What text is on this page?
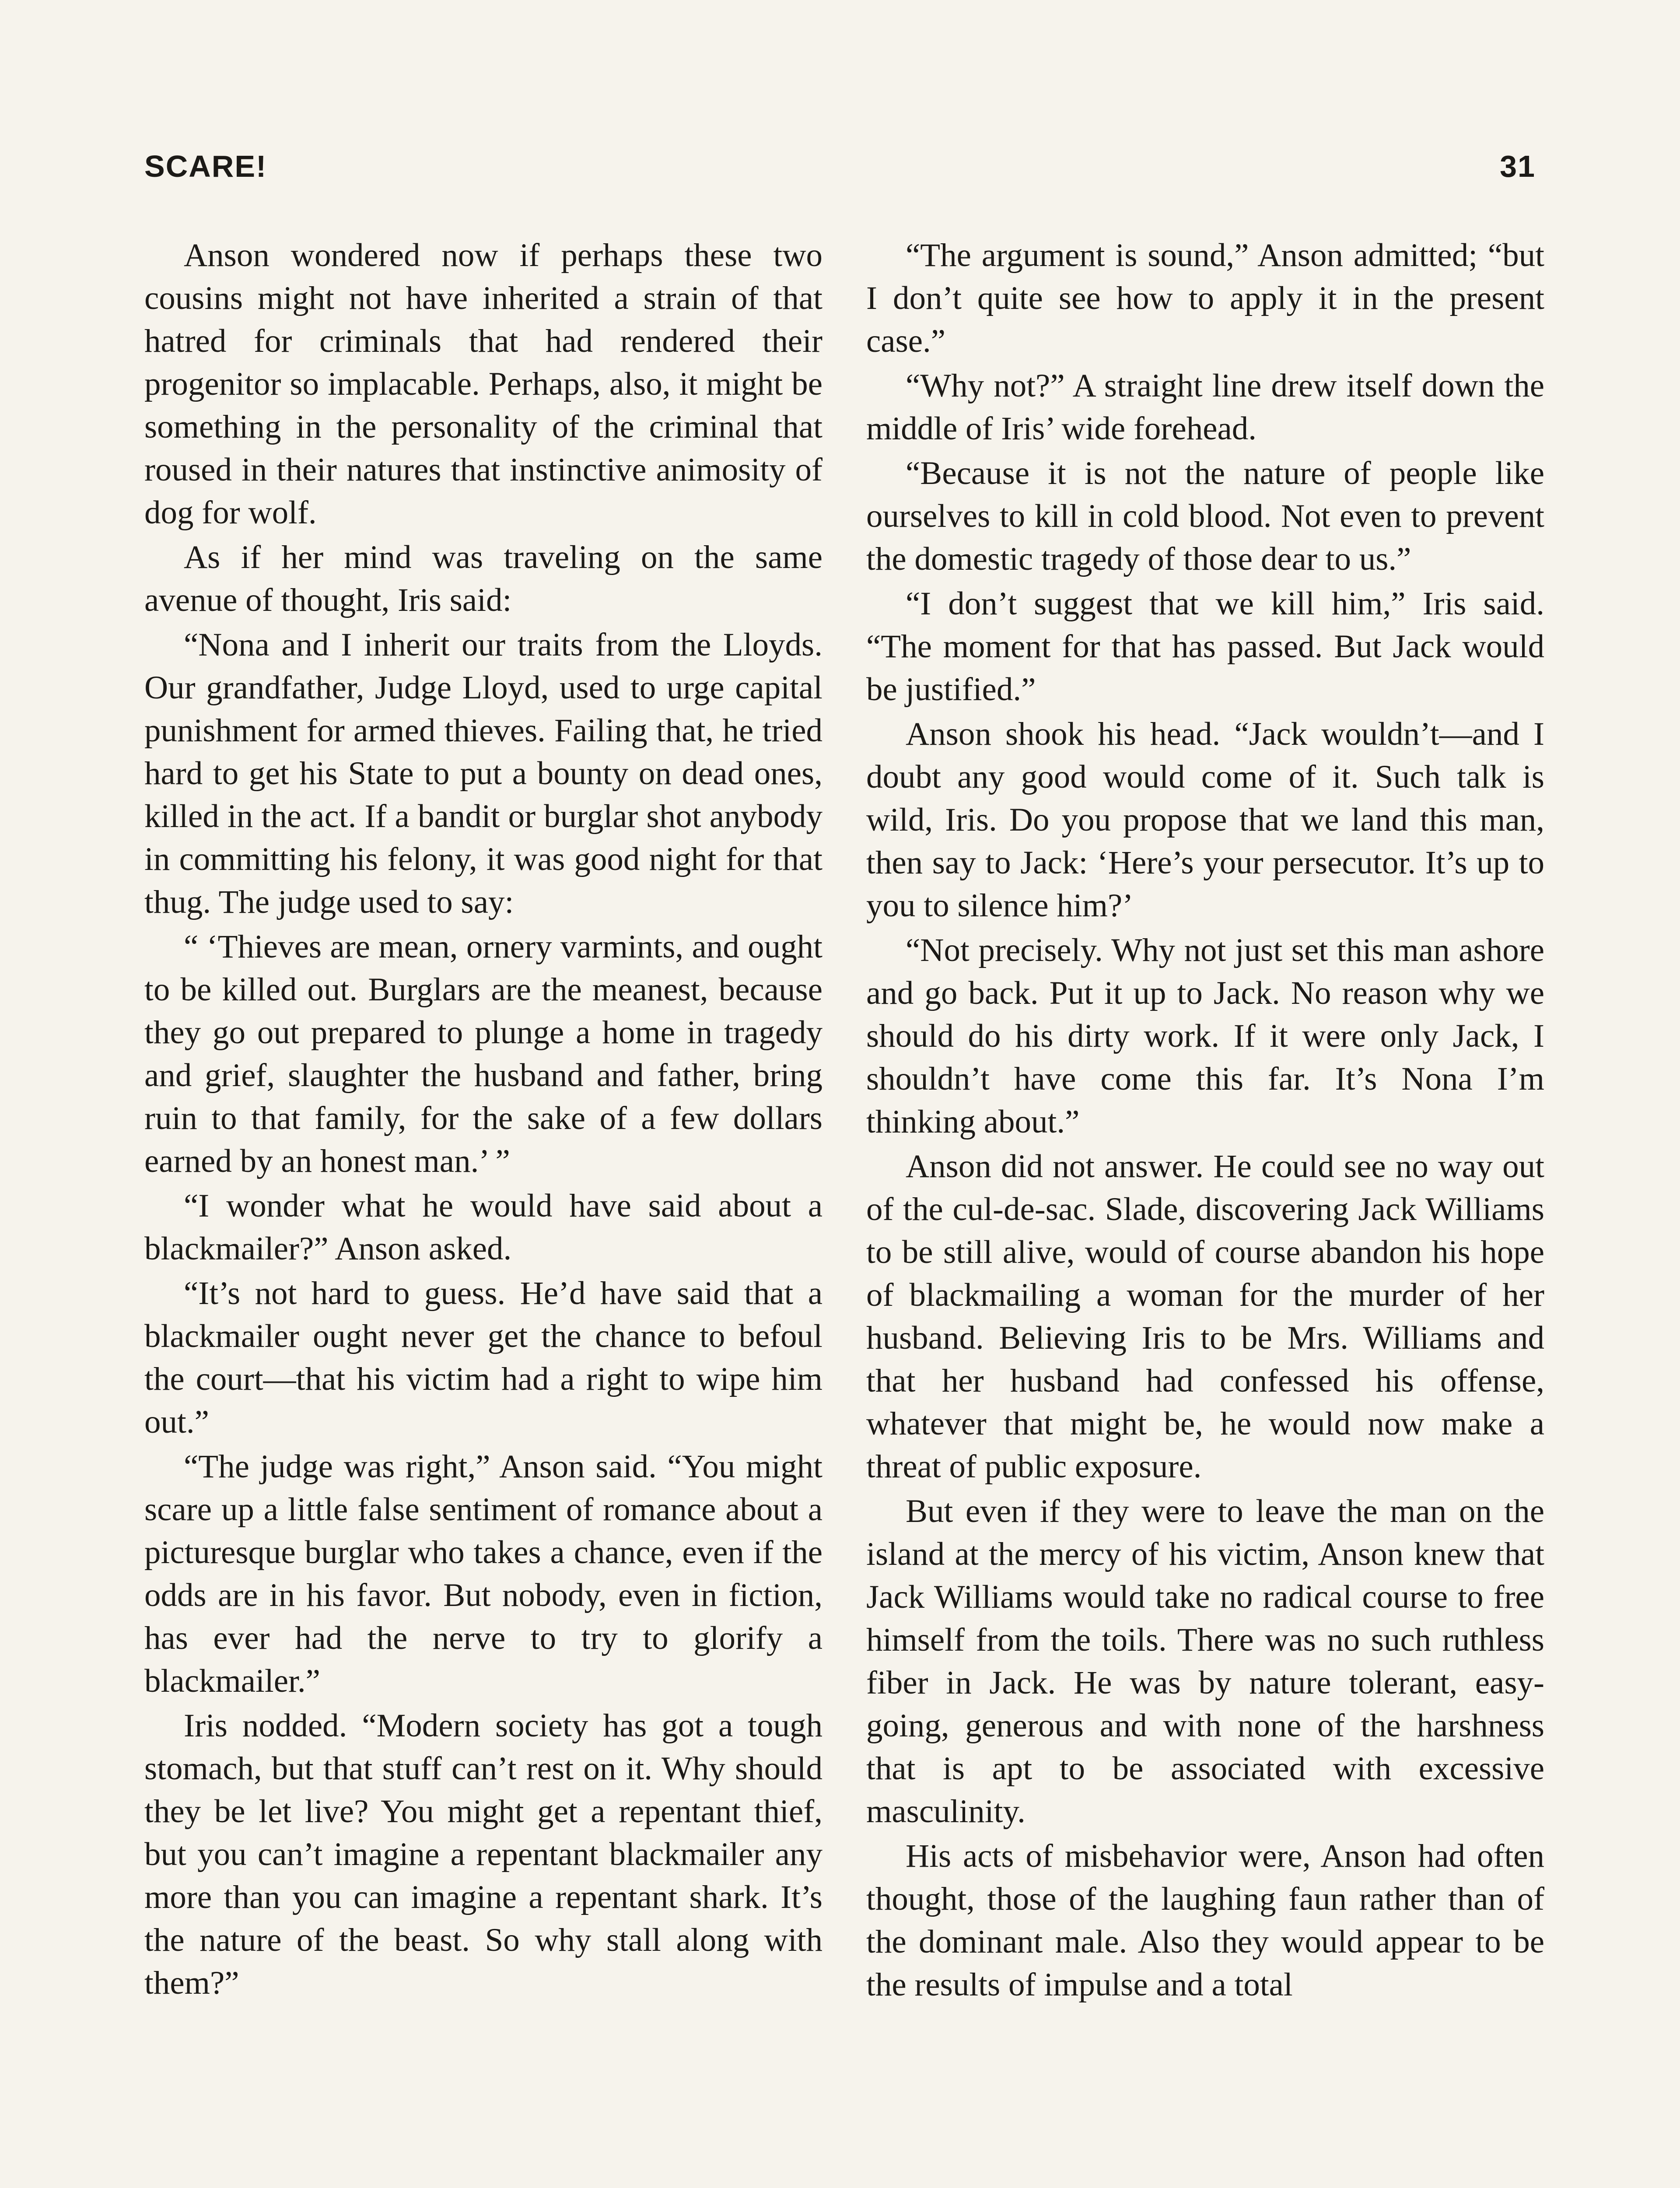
SCARE!	31

Anson wondered now if perhaps these two cousins might not have inherited a strain of that hatred for criminals that had rendered their progenitor so implacable. Perhaps, also, it might be something in the personality of the criminal that roused in their natures that instinctive animosity of dog for wolf.

As if her mind was traveling on the same avenue of thought, Iris said:

“Nona and I inherit our traits from the Lloyds. Our grandfather, Judge Lloyd, used to urge capital punishment for armed thieves. Failing that, he tried hard to get his State to put a bounty on dead ones, killed in the act. If a bandit or burglar shot anybody in committing his felony, it was good night for that thug. The judge used to say:

“ ‘Thieves are mean, ornery varmints, and ought to be killed out. Burglars are the meanest, because they go out prepared to plunge a home in tragedy and grief, slaughter the husband and father, bring ruin to that family, for the sake of a few dollars earned by an honest man.’ ”

“I wonder what he would have said about a blackmailer?” Anson asked.

“It’s not hard to guess. He’d have said that a blackmailer ought never get the chance to befoul the court—that his victim had a right to wipe him out.”

“The judge was right,” Anson said. “You might scare up a little false sentiment of romance about a picturesque burglar who takes a chance, even if the odds are in his favor. But nobody, even in fiction, has ever had the nerve to try to glorify a blackmailer.”

Iris nodded. “Modern society has got a tough stomach, but that stuff can’t rest on it. Why should they be let live? You might get a repentant thief, but you can’t imagine a repentant blackmailer any more than you can imagine a repentant shark. It’s the nature of the beast. So why stall along with them?”

“The argument is sound,” Anson admitted; “but I don’t quite see how to apply it in the present case.”

“Why not?” A straight line drew itself down the middle of Iris’ wide forehead.

“Because it is not the nature of people like ourselves to kill in cold blood. Not even to prevent the domestic tragedy of those dear to us.”

“I don’t suggest that we kill him,” Iris said. “The moment for that has passed. But Jack would be justified.”

Anson shook his head. “Jack wouldn’t—and I doubt any good would come of it. Such talk is wild, Iris. Do you propose that we land this man, then say to Jack: ‘Here’s your persecutor. It’s up to you to silence him?’

“Not precisely. Why not just set this man ashore and go back. Put it up to Jack. No reason why we should do his dirty work. If it were only Jack, I shouldn’t have come this far. It’s Nona I’m thinking about.”

Anson did not answer. He could see no way out of the cul-de-sac. Slade, discovering Jack Williams to be still alive, would of course abandon his hope of blackmailing a woman for the murder of her husband. Believing Iris to be Mrs. Williams and that her husband had confessed his offense, whatever that might be, he would now make a threat of public exposure.

But even if they were to leave the man on the island at the mercy of his victim, Anson knew that Jack Williams would take no radical course to free himself from the toils. There was no such ruthless fiber in Jack. He was by nature tolerant, easy-going, generous and with none of the harshness that is apt to be associated with excessive masculinity.

His acts of misbehavior were, Anson had often thought, those of the laughing faun rather than of the dominant male. Also they would appear to be the results of impulse and a total
